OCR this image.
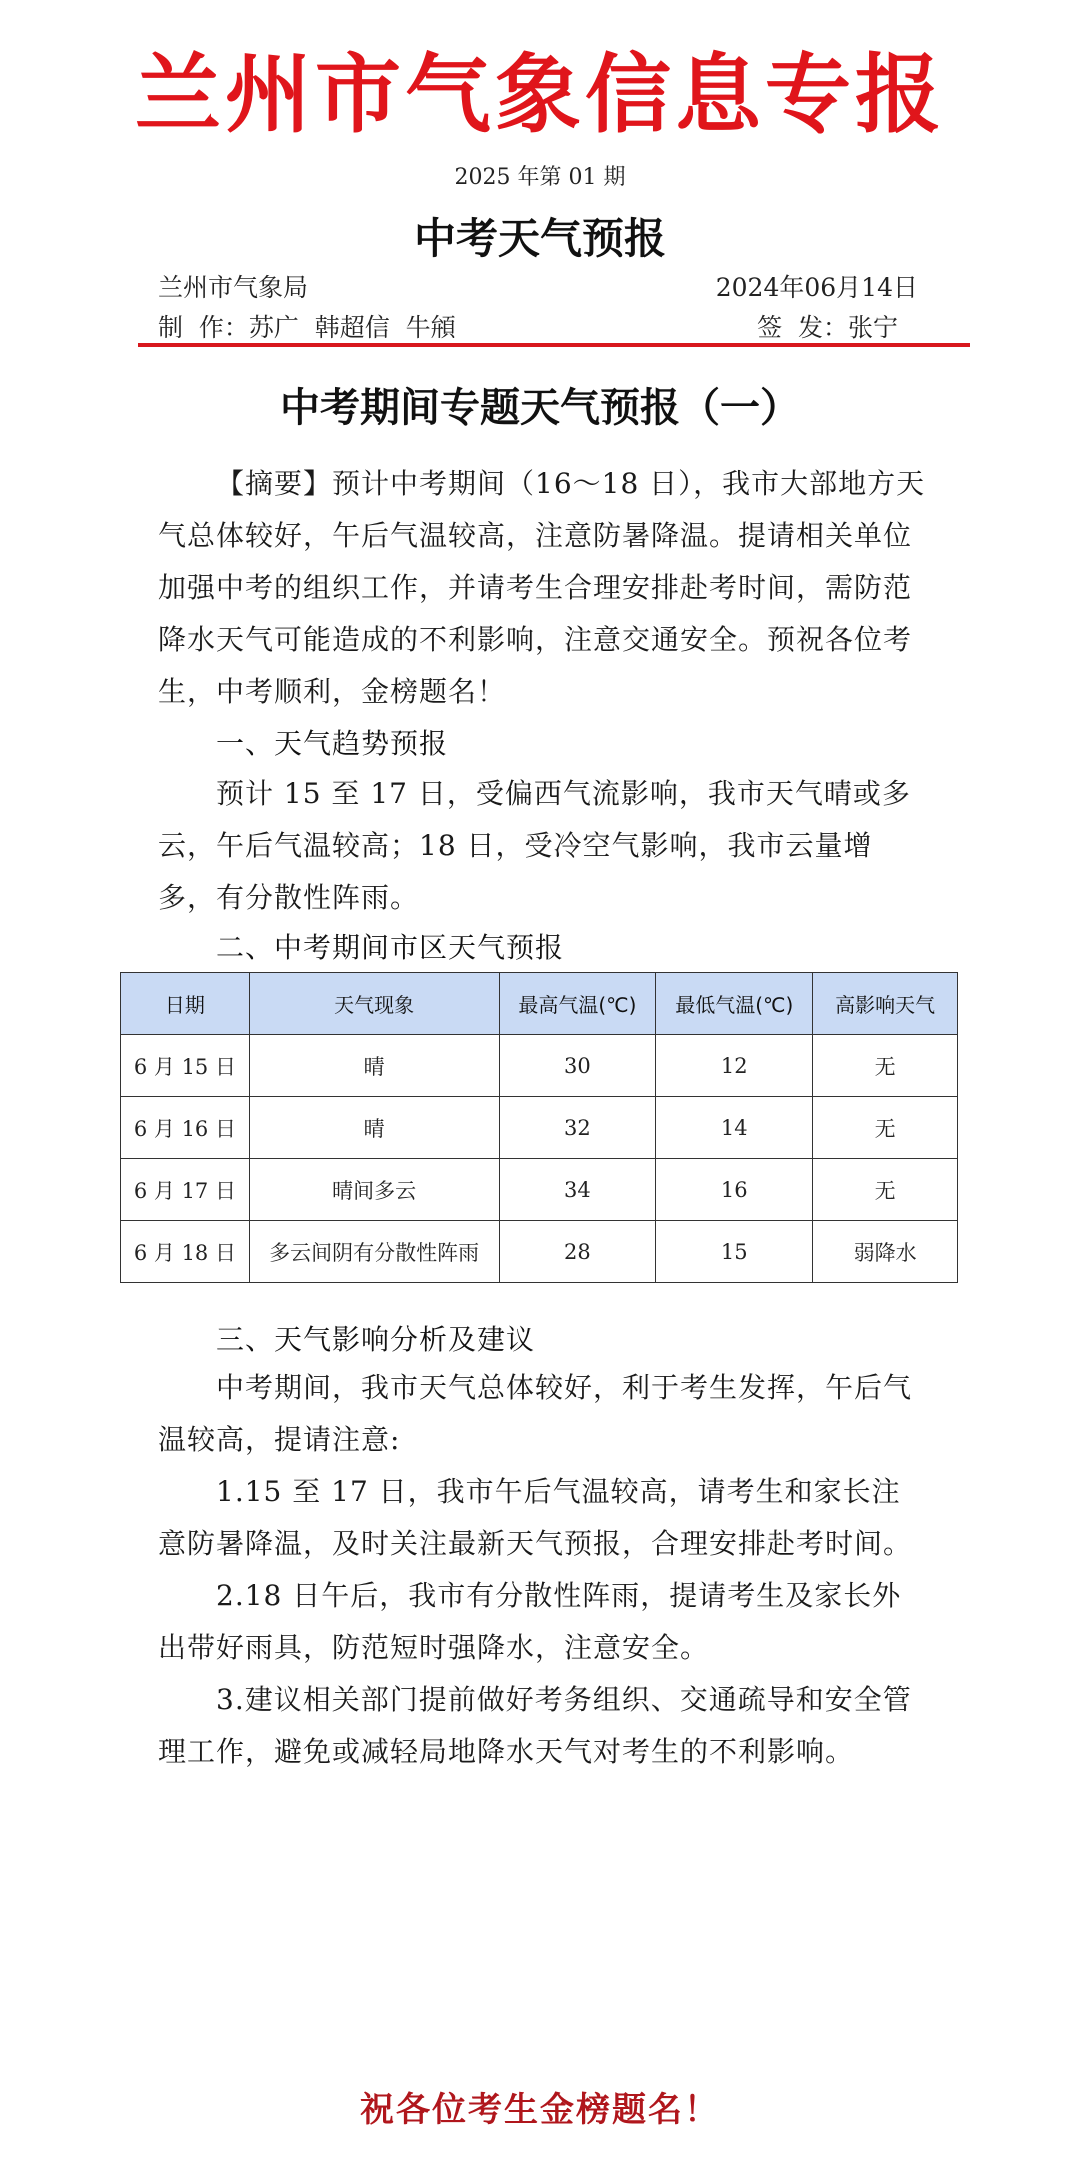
兰州市气象信息专报
2025 年第 01 期
中考天气预报
兰州市气象局	2024年06月14日
制  作：苏广  韩超信  牛䪻	签  发：张宁
中考期间专题天气预报（一）

【摘要】预计中考期间（16～18 日），我市大部地方天气总体较好，午后气温较高，注意防暑降温。提请相关单位加强中考的组织工作，并请考生合理安排赴考时间，需防范降水天气可能造成的不利影响，注意交通安全。预祝各位考生，中考顺利，金榜题名！

一、天气趋势预报

预计 15 至 17 日，受偏西气流影响，我市天气晴或多云，午后气温较高；18 日，受冷空气影响，我市云量增多，有分散性阵雨。

二、中考期间市区天气预报
日期	天气现象	最高气温(℃)	最低气温(℃)	高影响天气
6 月 15 日	晴	30	12	无
6 月 16 日	晴	32	14	无
6 月 17 日	晴间多云	34	16	无
6 月 18 日	多云间阴有分散性阵雨	28	15	弱降水
三、天气影响分析及建议

中考期间，我市天气总体较好，利于考生发挥，午后气温较高，提请注意:

1.15 至 17 日，我市午后气温较高，请考生和家长注意防暑降温，及时关注最新天气预报，合理安排赴考时间。

2.18 日午后，我市有分散性阵雨，提请考生及家长外出带好雨具，防范短时强降水，注意安全。

3.建议相关部门提前做好考务组织、交通疏导和安全管理工作，避免或减轻局地降水天气对考生的不利影响。

祝各位考生金榜题名！
